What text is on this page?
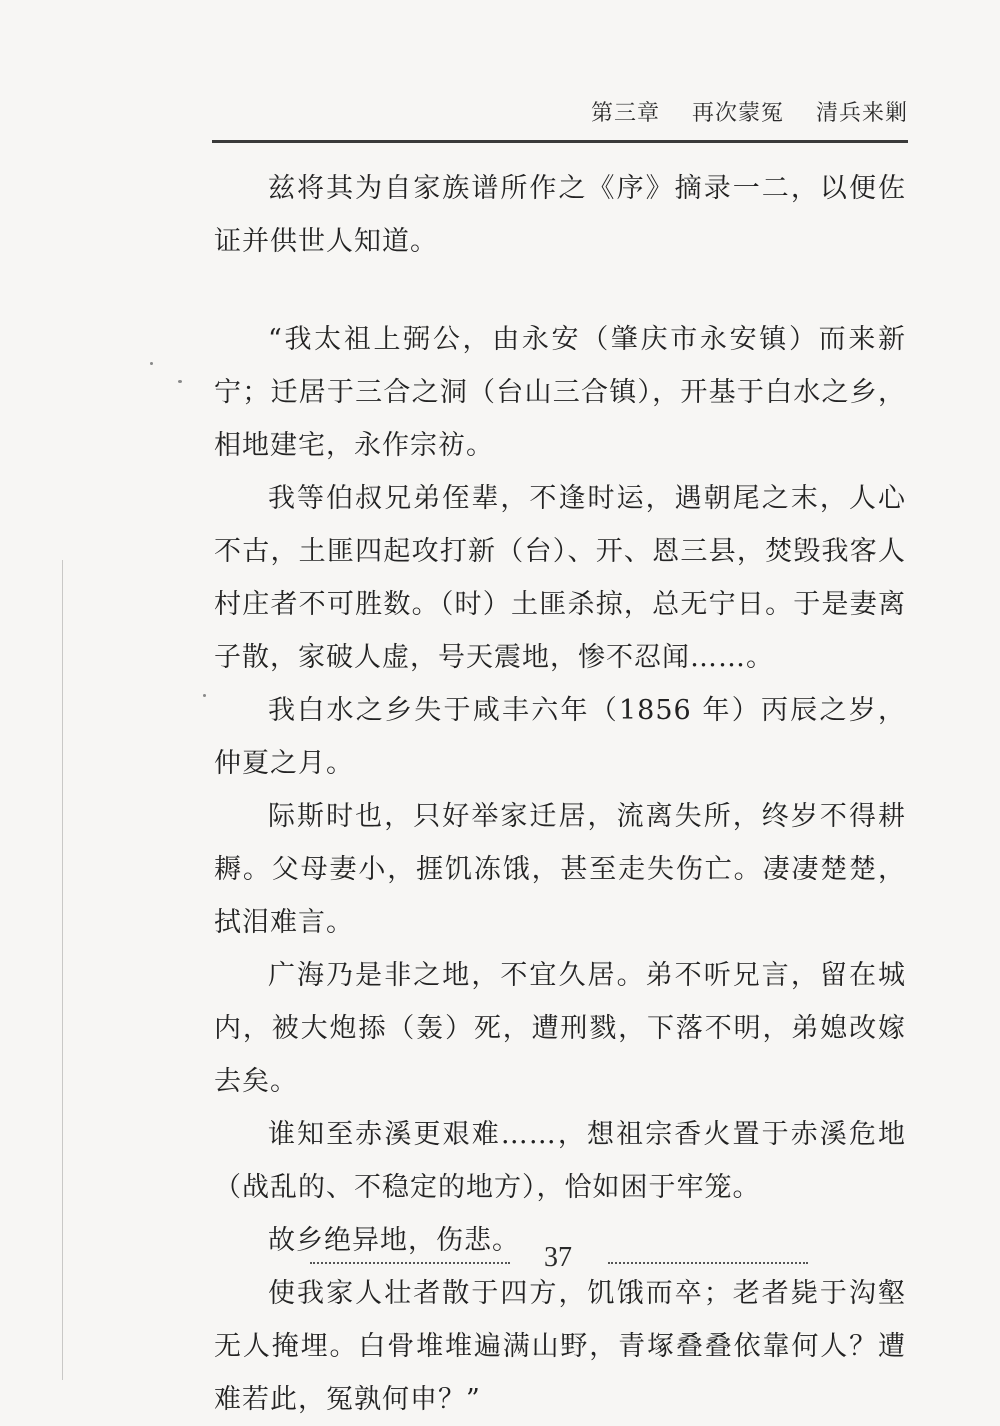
第三章 再次蒙冤 清兵来剿

兹将其为自家族谱所作之《序》摘录一二，以便佐证并供世人知道。

“我太祖上弼公，由永安（肇庆市永安镇）而来新宁；迁居于三合之洞（台山三合镇），开基于白水之乡，相地建宅，永作宗祊。

我等伯叔兄弟侄辈，不逢时运，遇朝尾之末，人心不古，土匪四起攻打新（台）、开、恩三县，焚毁我客人村庄者不可胜数。（时）土匪杀掠，总无宁日。于是妻离子散，家破人虚，号天震地，惨不忍闻……。

我白水之乡失于咸丰六年（1856 年）丙辰之岁，仲夏之月。

际斯时也，只好举家迁居，流离失所，终岁不得耕耨。父母妻小，捱饥冻饿，甚至走失伤亡。凄凄楚楚，拭泪难言。

广海乃是非之地，不宜久居。弟不听兄言，留在城内，被大炮掭（轰）死，遭刑戮，下落不明，弟媳改嫁去矣。

谁知至赤溪更艰难……，想祖宗香火置于赤溪危地（战乱的、不稳定的地方），恰如困于牢笼。

故乡绝异地，伤悲。

使我家人壮者散于四方，饥饿而卒；老者毙于沟壑无人掩埋。白骨堆堆遍满山野，青塚叠叠依靠何人？遭难若此，冤孰何申？”

37
